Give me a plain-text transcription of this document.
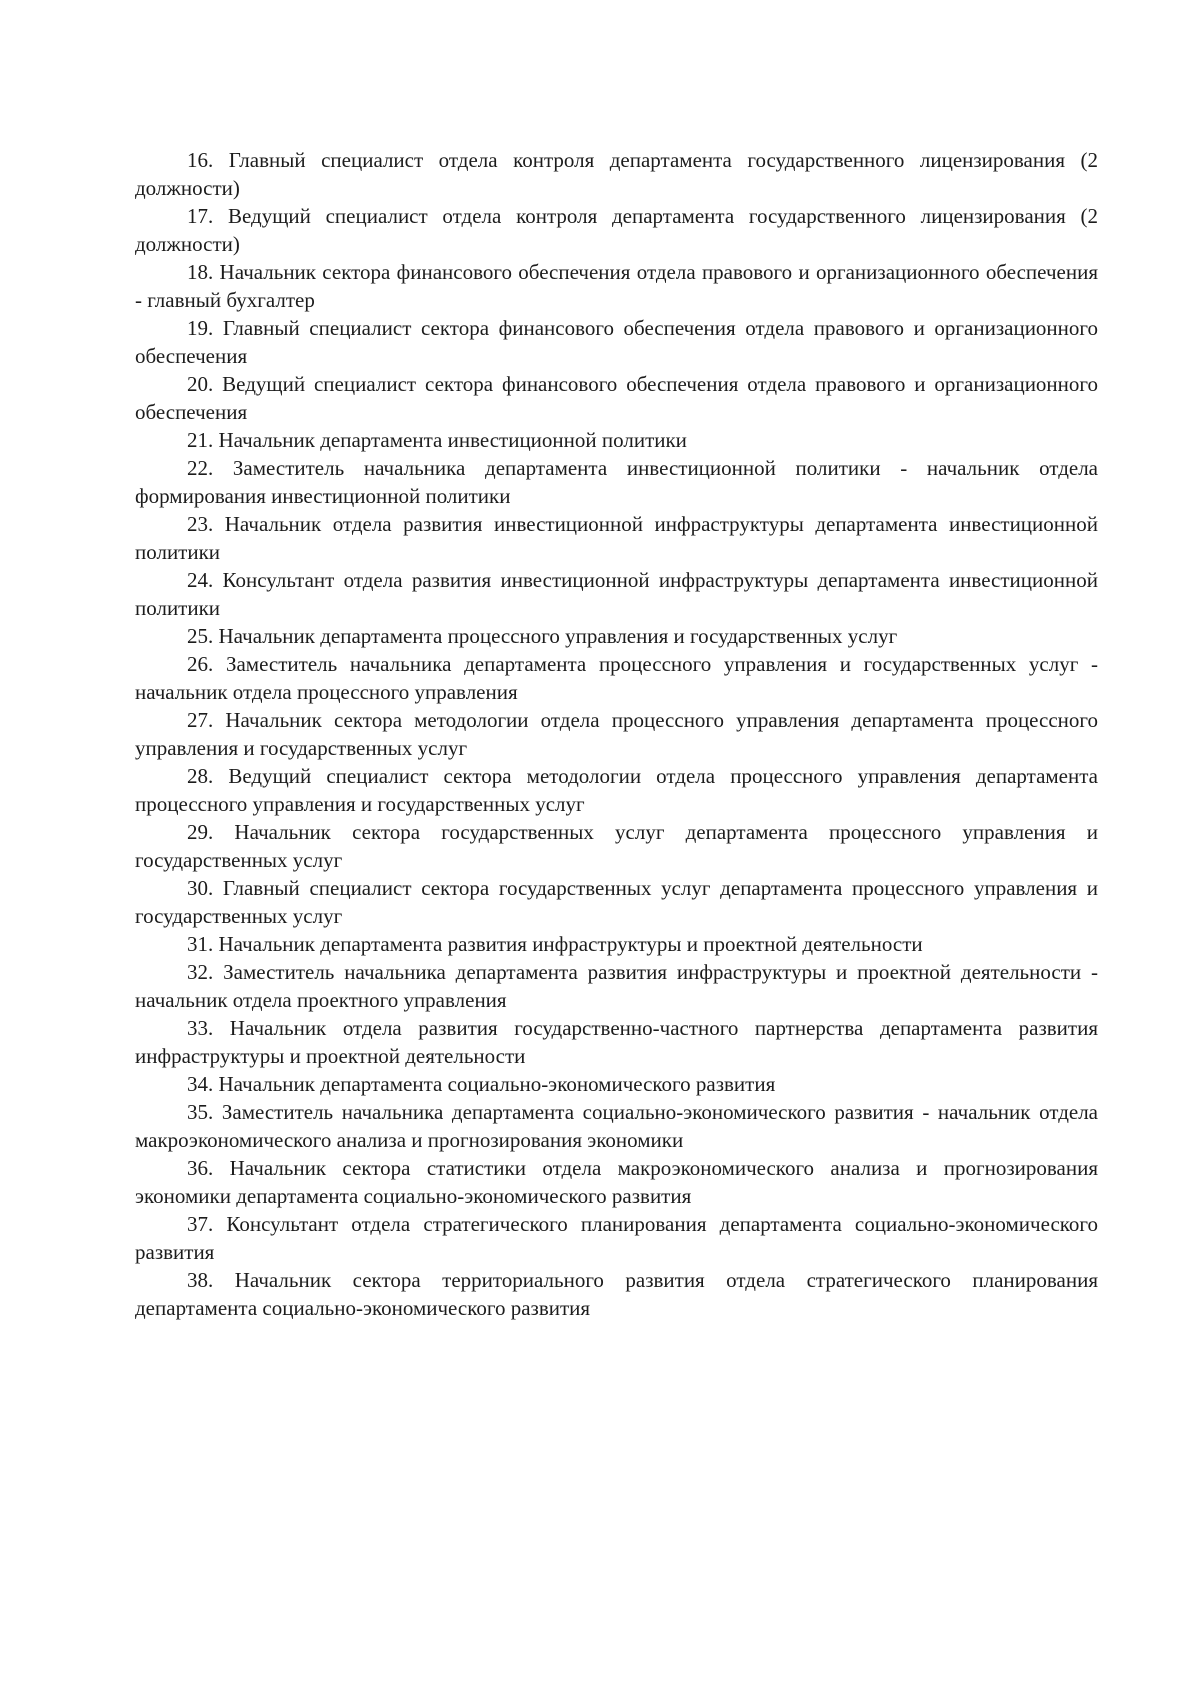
16. Главный специалист отдела контроля департамента государственного лицензирования (2 должности)
17. Ведущий специалист отдела контроля департамента государственного лицензирования (2 должности)
18. Начальник сектора финансового обеспечения отдела правового и организационного обеспечения - главный бухгалтер
19. Главный специалист сектора финансового обеспечения отдела правового и организационного обеспечения
20. Ведущий специалист сектора финансового обеспечения отдела правового и организационного обеспечения
21. Начальник департамента инвестиционной политики
22. Заместитель начальника департамента инвестиционной политики - начальник отдела формирования инвестиционной политики
23. Начальник отдела развития инвестиционной инфраструктуры департамента инвестиционной политики
24. Консультант отдела развития инвестиционной инфраструктуры департамента инвестиционной политики
25. Начальник департамента процессного управления и государственных услуг
26. Заместитель начальника департамента процессного управления и государственных услуг - начальник отдела процессного управления
27. Начальник сектора методологии отдела процессного управления департамента процессного управления и государственных услуг
28. Ведущий специалист сектора методологии отдела процессного управления департамента процессного управления и государственных услуг
29. Начальник сектора государственных услуг департамента процессного управления и государственных услуг
30. Главный специалист сектора государственных услуг департамента процессного управления и государственных услуг
31. Начальник департамента развития инфраструктуры и проектной деятельности
32. Заместитель начальника департамента развития инфраструктуры и проектной деятельности - начальник отдела проектного управления
33. Начальник отдела развития государственно-частного партнерства департамента развития инфраструктуры и проектной деятельности
34. Начальник департамента социально-экономического развития
35. Заместитель начальника департамента социально-экономического развития - начальник отдела макроэкономического анализа и прогнозирования экономики
36. Начальник сектора статистики отдела макроэкономического анализа и прогнозирования экономики департамента социально-экономического развития
37. Консультант отдела стратегического планирования департамента социально-экономического развития
38. Начальник сектора территориального развития отдела стратегического планирования департамента социально-экономического развития
